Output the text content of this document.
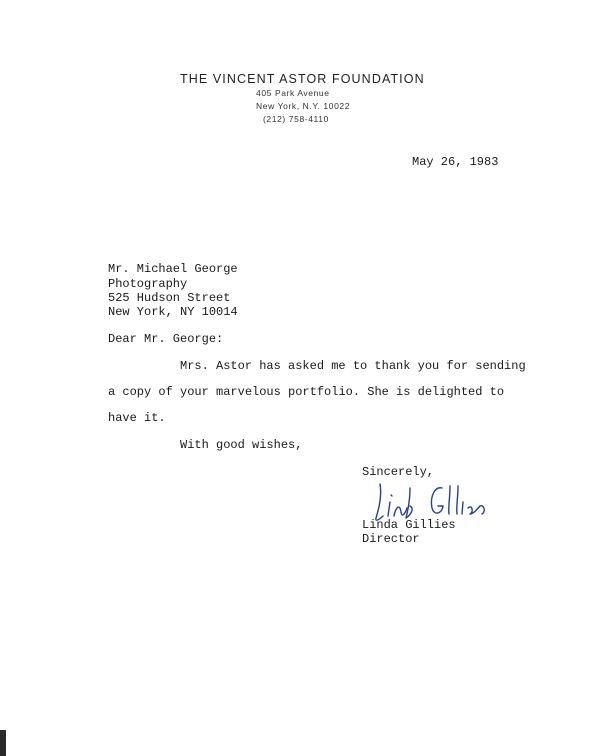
THE VINCENT ASTOR FOUNDATION
405 Park Avenue
New York, N.Y. 10022
(212) 758-4110
May 26, 1983
Mr. Michael George
Photography
525 Hudson Street
New York, NY 10014
Dear Mr. George:
Mrs. Astor has asked me to thank you for sending
a copy of your marvelous portfolio. She is delighted to
have it.
With good wishes,
Sincerely,
Linda Gillies
Director
